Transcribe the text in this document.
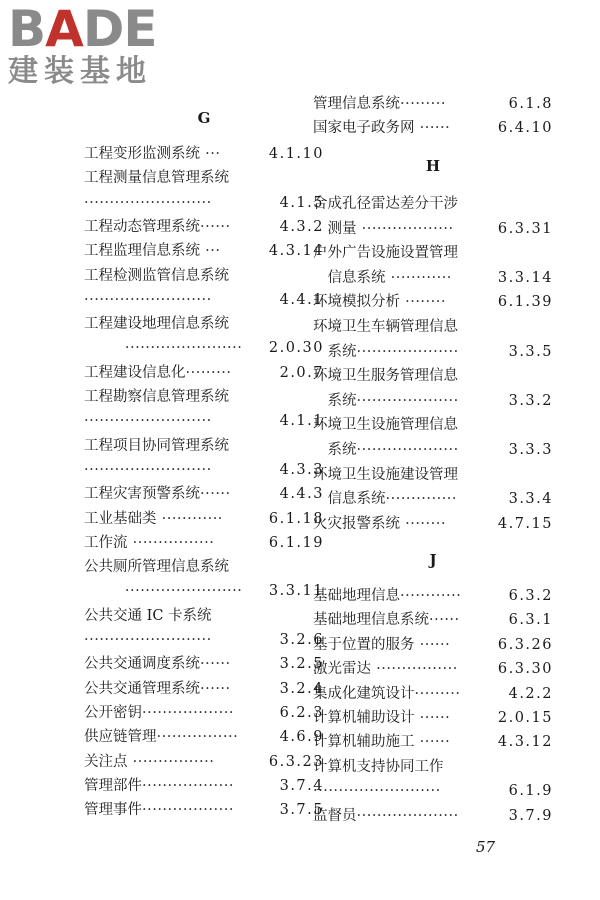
BADE
建装基地
G
工程变形监测系统 ···	4.1.10
工程测量信息管理系统
·························	4.1.5
工程动态管理系统······	4.3.2
工程监理信息系统 ···	4.3.14
工程检测监管信息系统
·························	4.4.1
工程建设地理信息系统
······················· 2.0.30
工程建设信息化·········	2.0.7
工程勘察信息管理系统
·························	4.1.1
工程项目协同管理系统
·························	4.3.3
工程灾害预警系统······	4.4.3
工业基础类 ············	6.1.18
工作流 ················	6.1.19
公共厕所管理信息系统
······················· 3.3.11
公共交通 IC 卡系统
·························	3.2.6
公共交通调度系统······	3.2.5
公共交通管理系统······	3.2.4
公开密钥··················	6.2.3
供应链管理················	4.6.9
关注点 ················	6.3.23
管理部件··················	3.7.4
管理事件··················	3.7.5
管理信息系统·········	6.1.8
国家电子政务网 ······	6.4.10
H
合成孔径雷达差分干涉
　测量 ··················	6.3.31
户外广告设施设置管理
　信息系统 ············	3.3.14
环境模拟分析 ········	6.1.39
环境卫生车辆管理信息
　系统····················	3.3.5
环境卫生服务管理信息
　系统····················	3.3.2
环境卫生设施管理信息
　系统····················	3.3.3
环境卫生设施建设管理
　信息系统··············	3.3.4
火灾报警系统 ········	4.7.15
J
基础地理信息············	6.3.2
基础地理信息系统······	6.3.1
基于位置的服务 ······	6.3.26
激光雷达 ················	6.3.30
集成化建筑设计·········	4.2.2
计算机辅助设计 ······	2.0.15
计算机辅助施工 ······	4.3.12
计算机支持协同工作
·························	6.1.9
监督员····················	3.7.9
57
